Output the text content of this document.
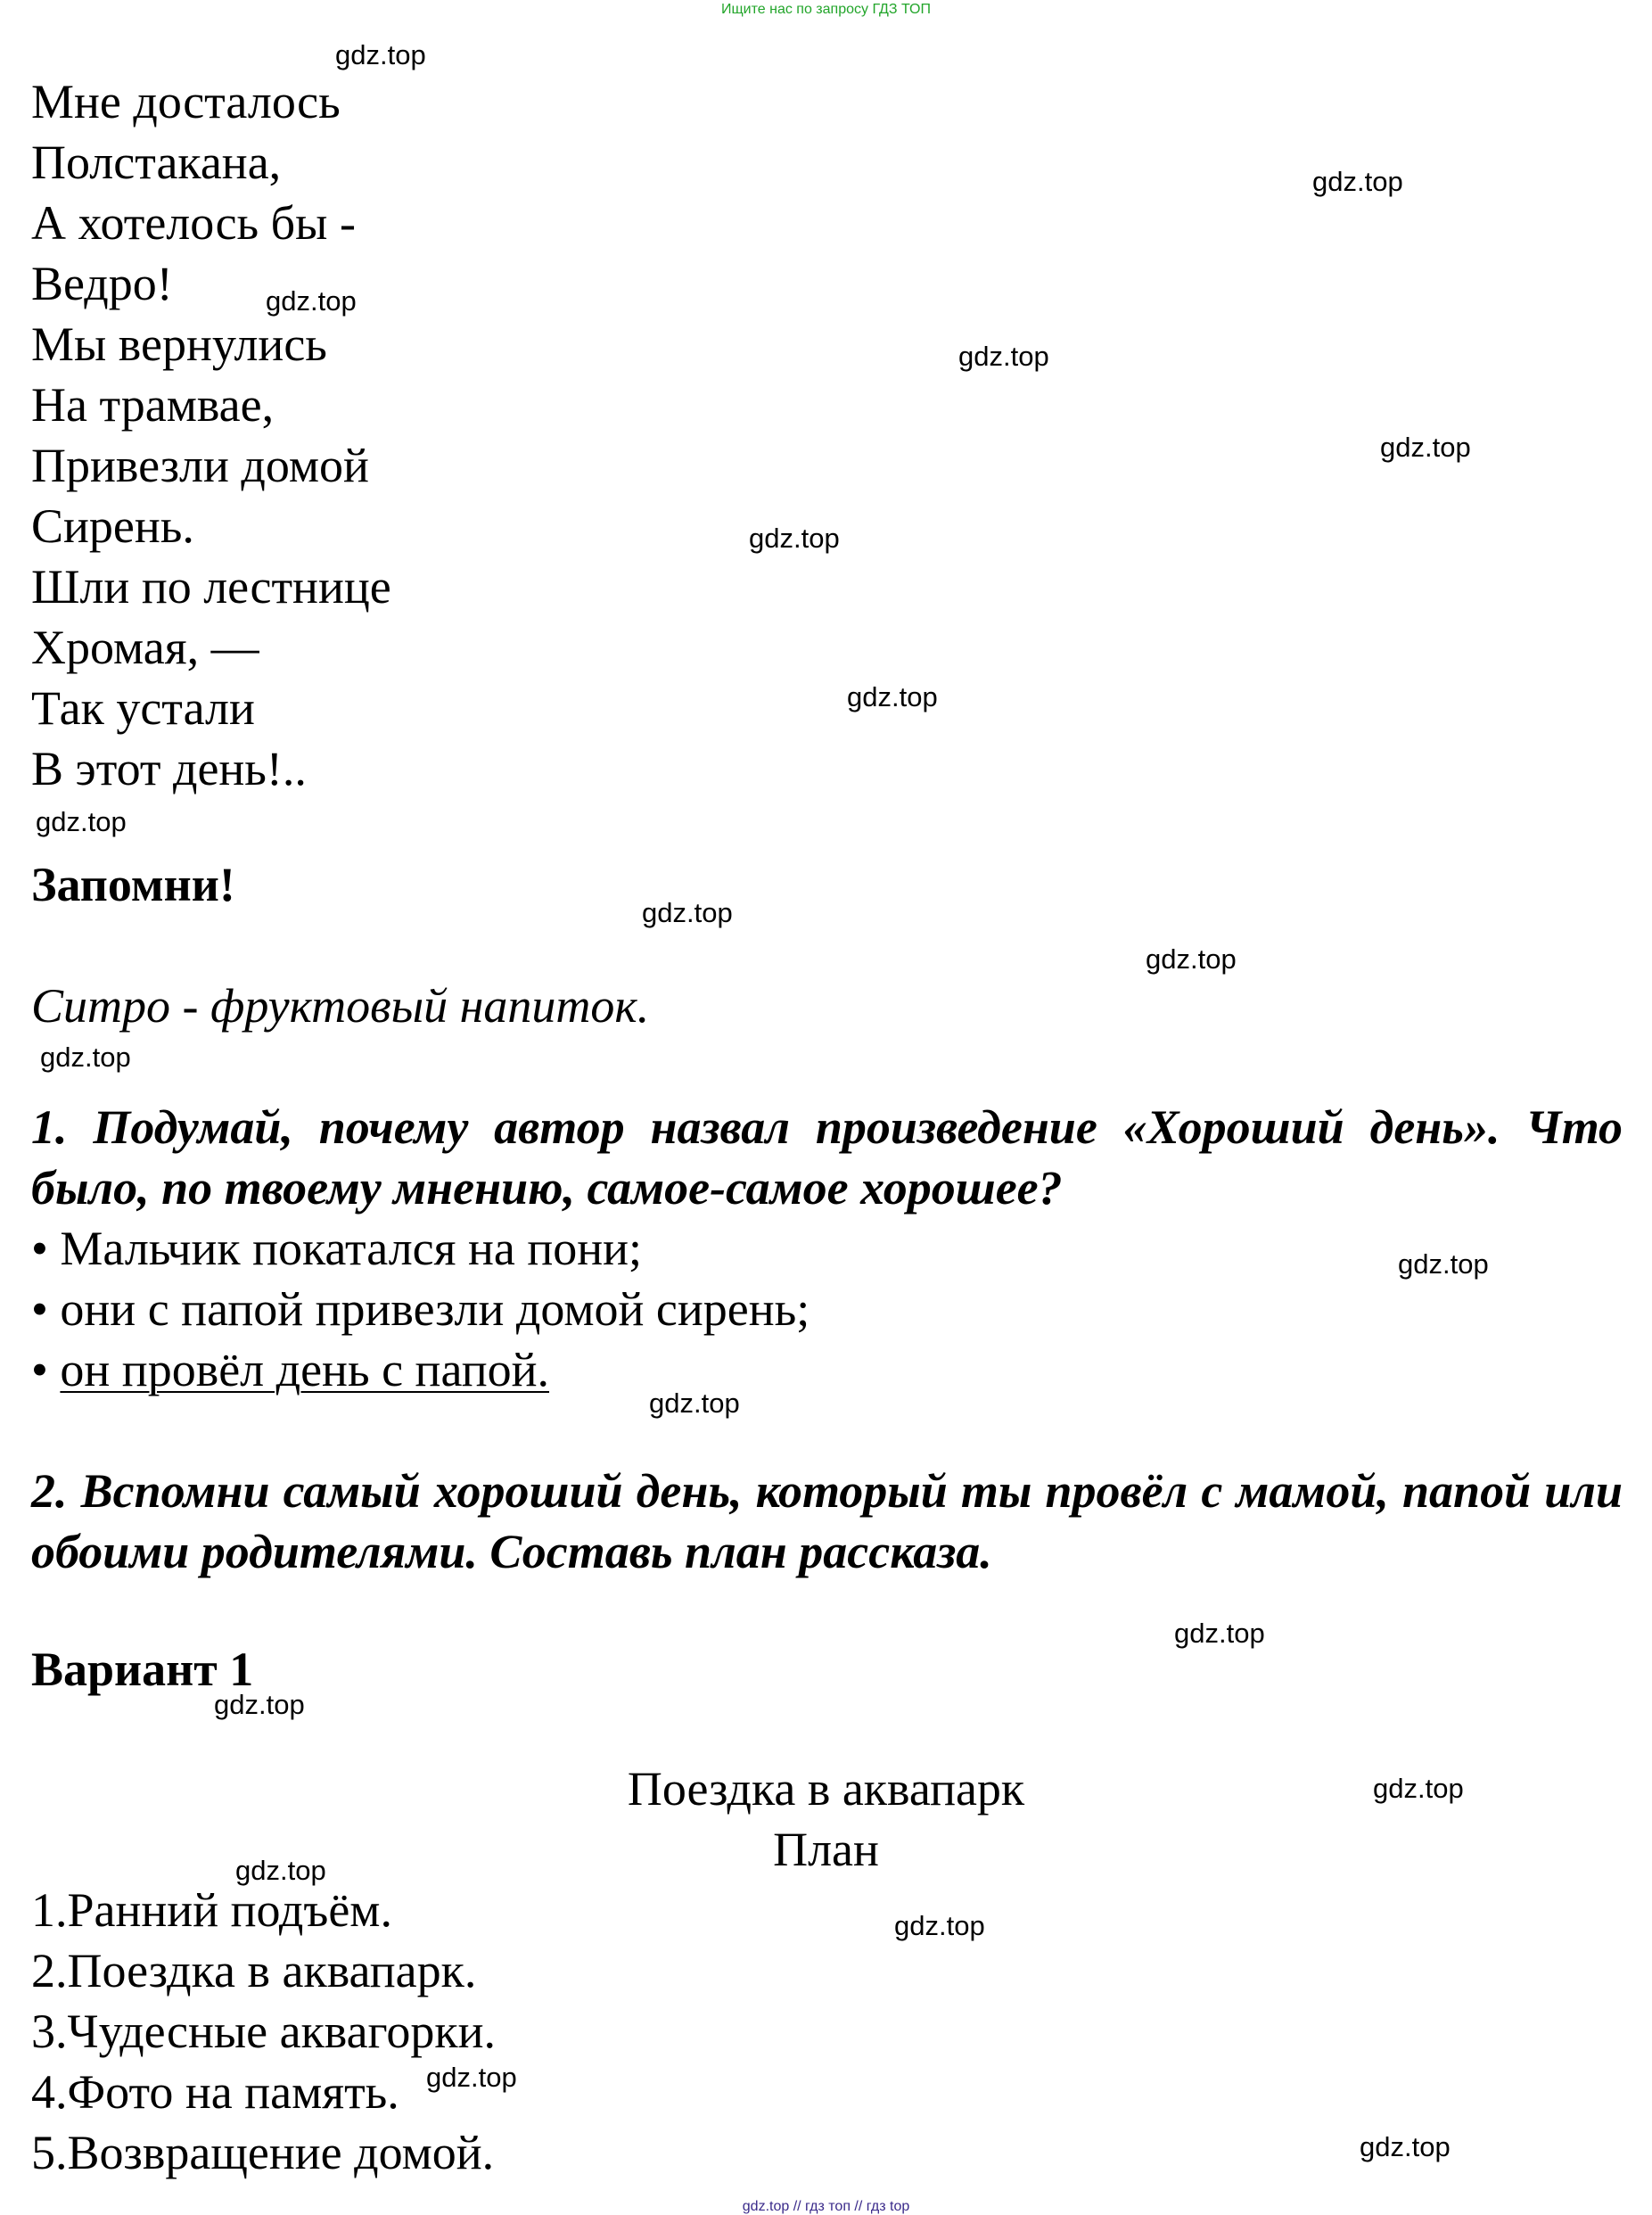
Ищите нас по запросу ГДЗ ТОП
Мне досталось
Полстакана,
А хотелось бы -
Ведро!
Мы вернулись
На трамвае,
Привезли домой
Сирень.
Шли по лестнице
Хромая, —
Так устали
В этот день!..
Запомни!
Ситро - фруктовый напиток.
1. Подумай, почему автор назвал произведение «Хороший день». Что было, по твоему мнению, самое-самое хорошее?
• Мальчик покатался на пони;
• они с папой привезли домой сирень;
• он провёл день с папой.
2. Вспомни самый хороший день, который ты провёл с мамой, папой или обоими родителями. Составь план рассказа.
Вариант 1
Поездка в аквапарк
План
1.Ранний подъём.
2.Поездка в аквапарк.
3.Чудесные аквагорки.
4.Фото на память.
5.Возвращение домой.
gdz.top
gdz.top
gdz.top
gdz.top
gdz.top
gdz.top
gdz.top
gdz.top
gdz.top
gdz.top
gdz.top
gdz.top
gdz.top
gdz.top
gdz.top
gdz.top
gdz.top
gdz.top
gdz.top
gdz.top
gdz.top // гдз топ // гдз top
